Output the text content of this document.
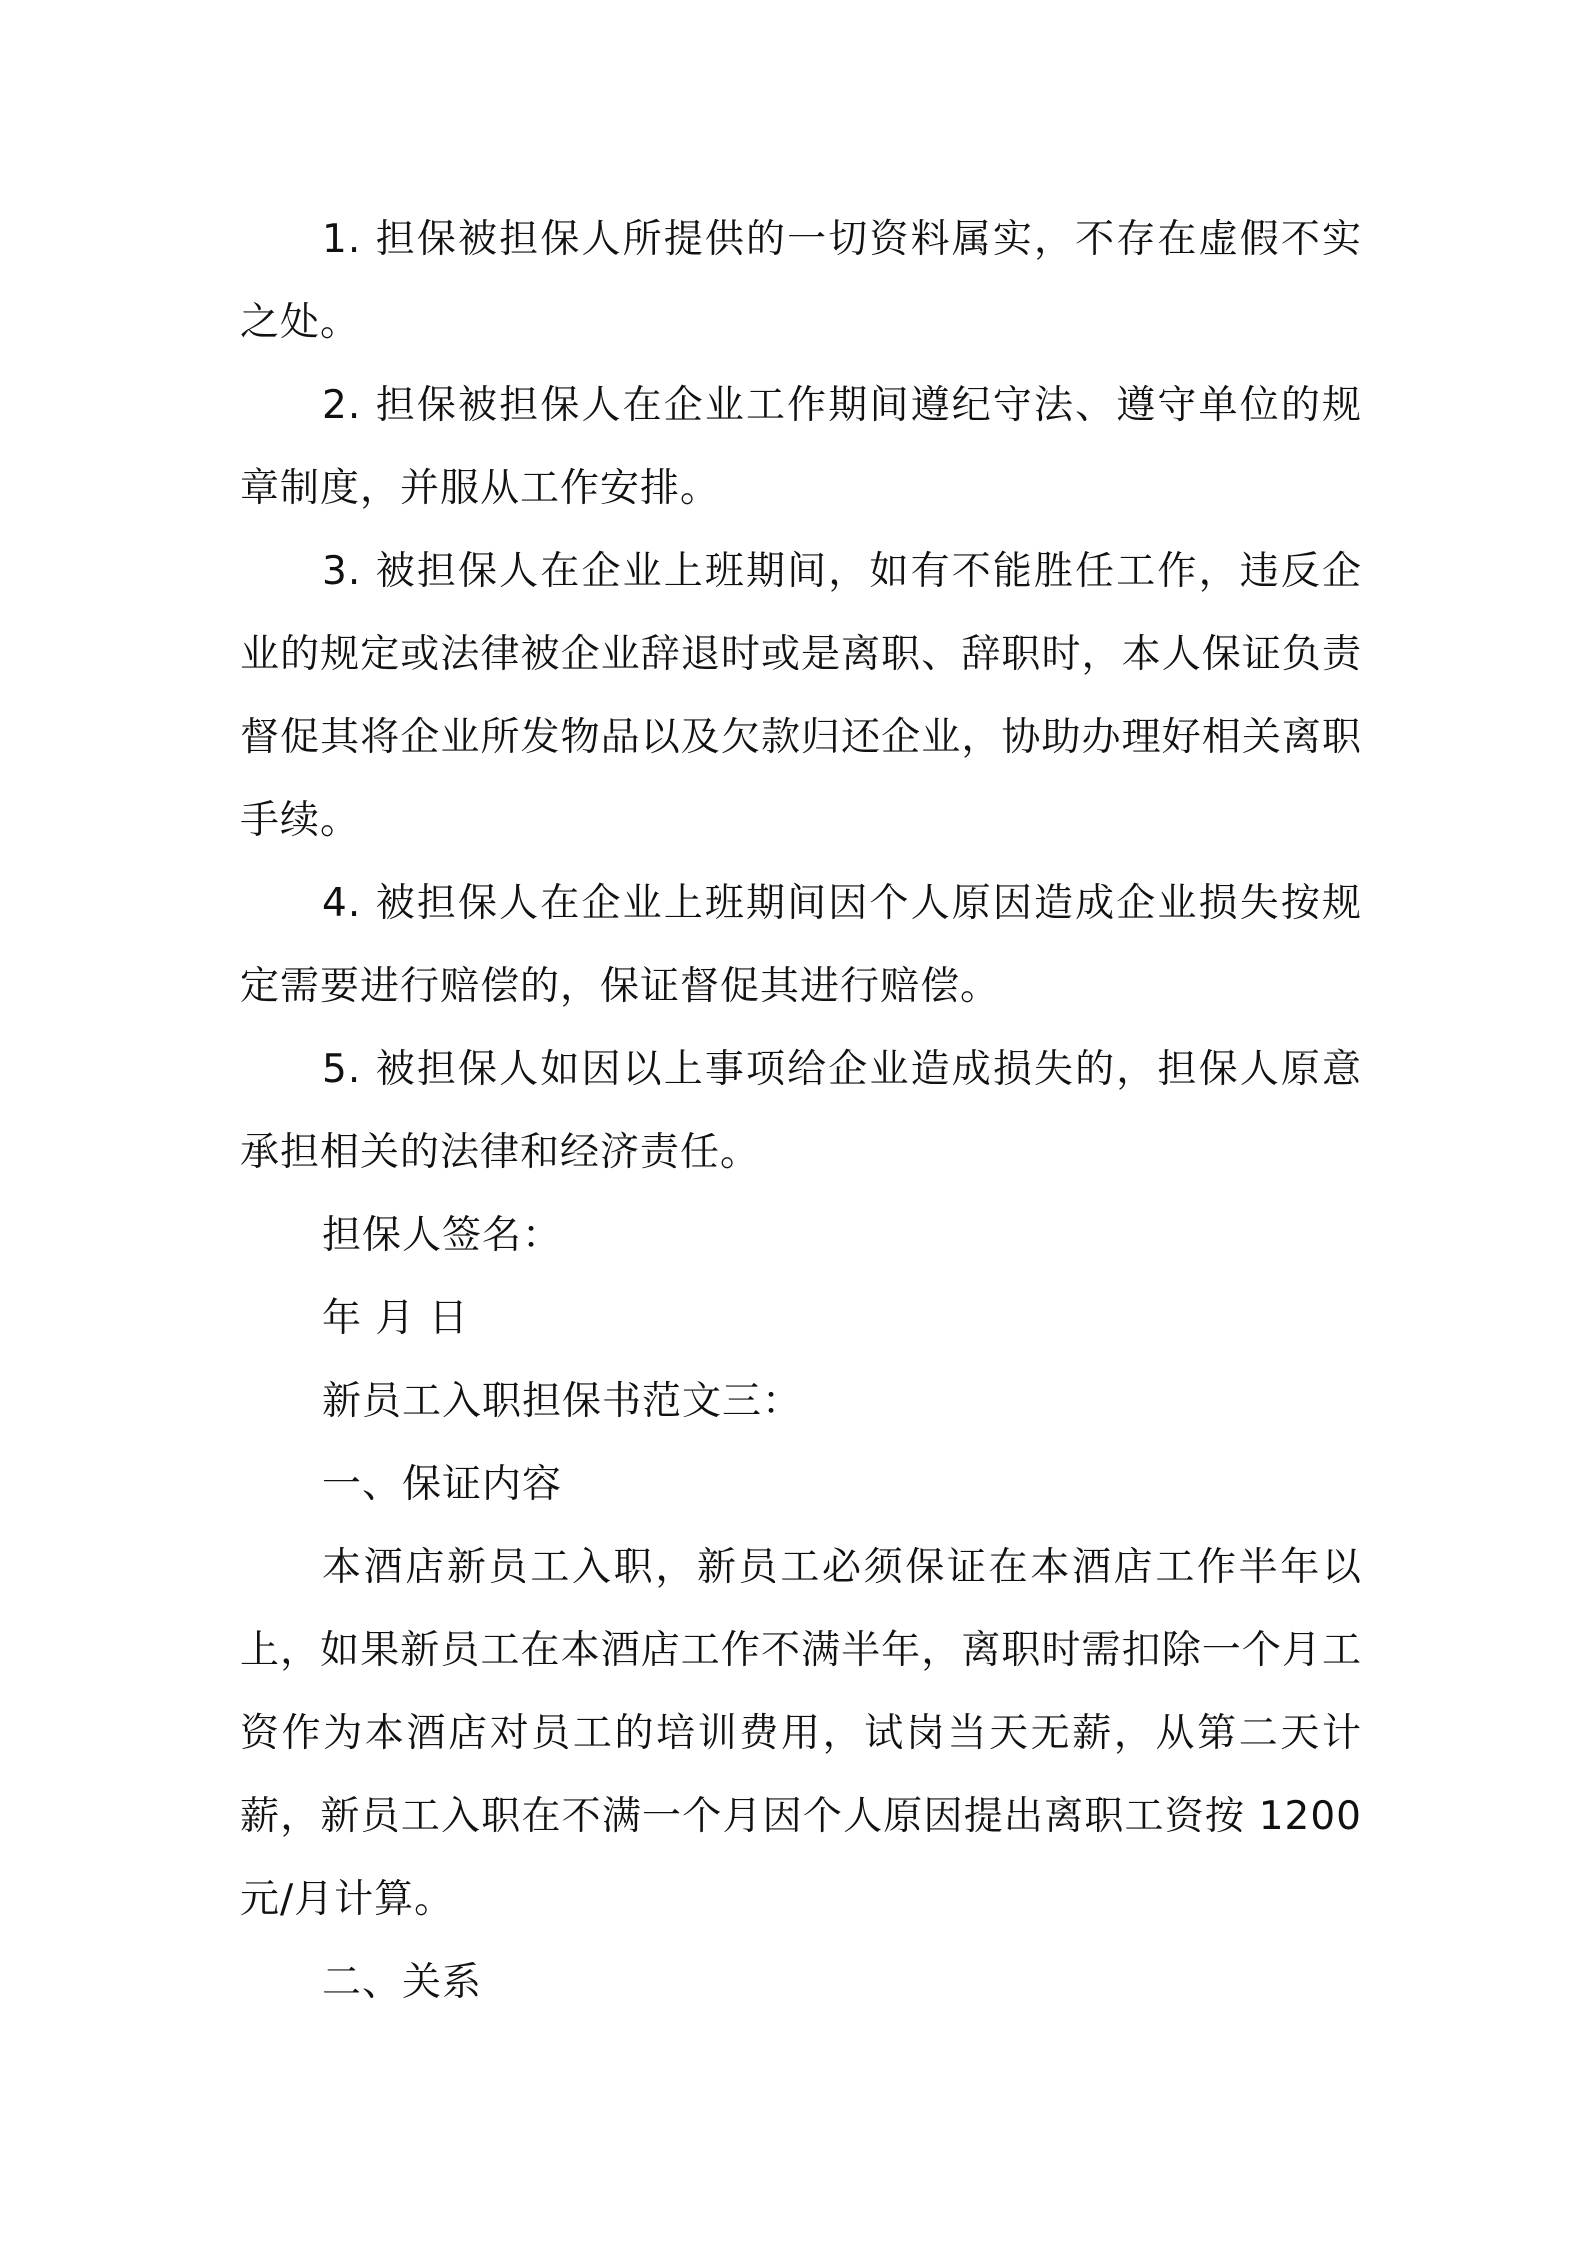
1. 担保被担保人所提供的一切资料属实，不存在虚假不实之处。

2. 担保被担保人在企业工作期间遵纪守法、遵守单位的规章制度，并服从工作安排。

3. 被担保人在企业上班期间，如有不能胜任工作，违反企业的规定或法律被企业辞退时或是离职、辞职时，本人保证负责督促其将企业所发物品以及欠款归还企业，协助办理好相关离职手续。

4. 被担保人在企业上班期间因个人原因造成企业损失按规定需要进行赔偿的，保证督促其进行赔偿。

5. 被担保人如因以上事项给企业造成损失的，担保人原意承担相关的法律和经济责任。

担保人签名：

年 月 日

新员工入职担保书范文三：

一、保证内容

本酒店新员工入职，新员工必须保证在本酒店工作半年以上，如果新员工在本酒店工作不满半年，离职时需扣除一个月工资作为本酒店对员工的培训费用，试岗当天无薪，从第二天计薪，新员工入职在不满一个月因个人原因提出离职工资按 1200 元/月计算。

二、关系
